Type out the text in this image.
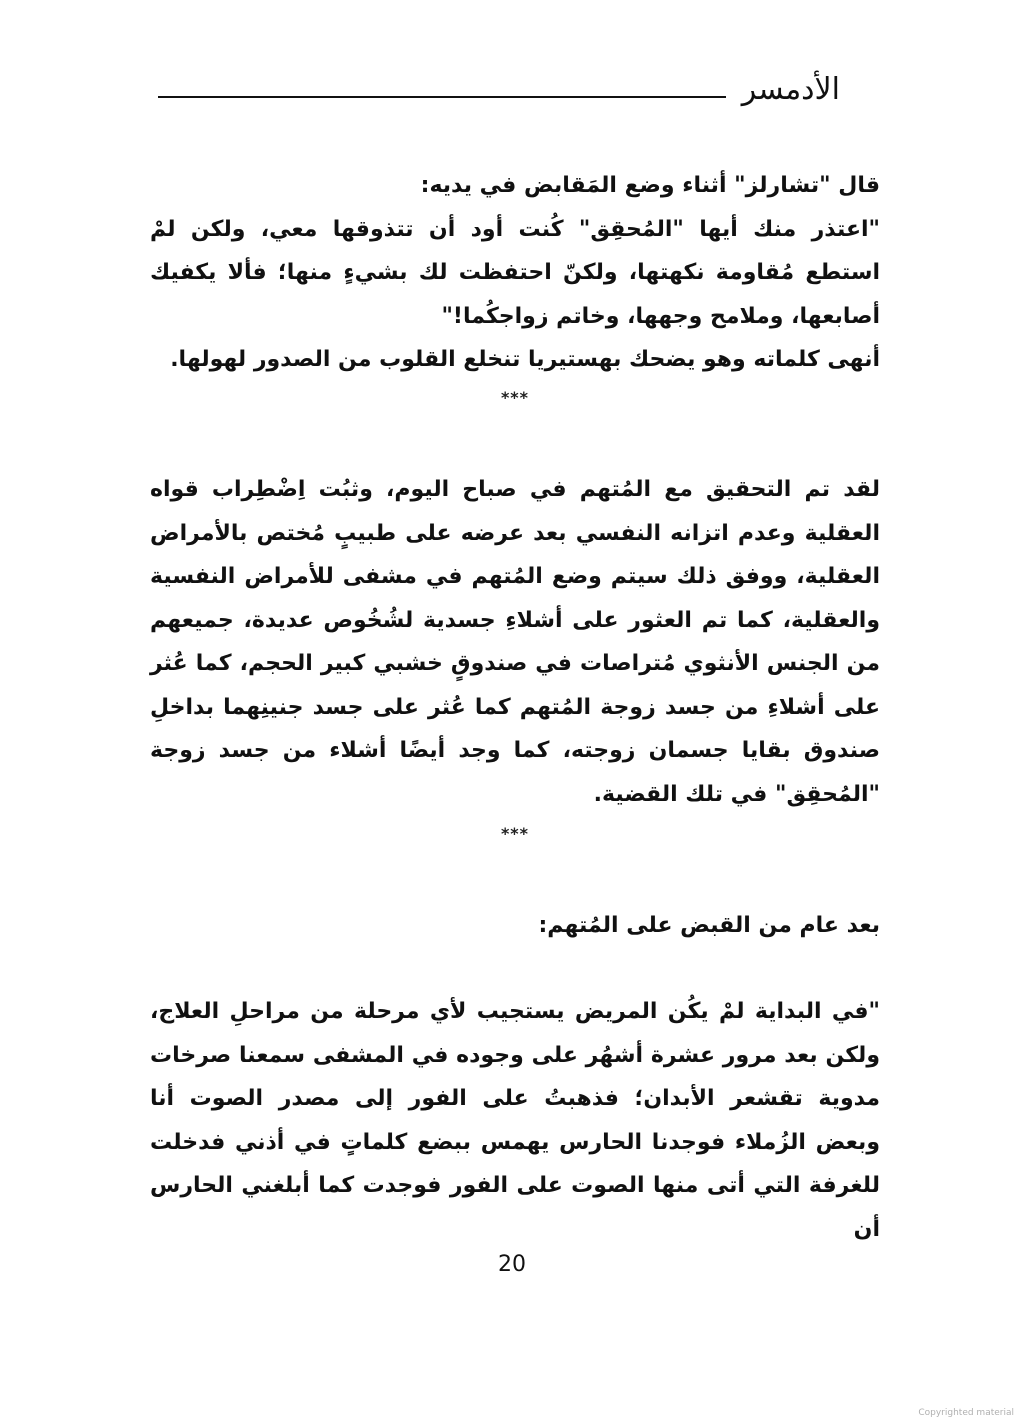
الأدمسر

قال "تشارلز" أثناء وضع المَقابض في يديه:

"اعتذر منك أيها "المُحقِق" كُنت أود أن تتذوقها معي، ولكن لمْ استطع مُقاومة نكهتها، ولكنّ احتفظت لك بشيءٍ منها؛ فألا يكفيك أصابعها، وملامح وجهها، وخاتم زواجكُما!"

أنهى كلماته وهو يضحك بهستيريا تنخلع القلوب من الصدور لهولها.

***

لقد تم التحقيق مع المُتهم في صباح اليوم، وثبُت اِضْطِراب قواه العقلية وعدم اتزانه النفسي بعد عرضه على طبيبٍ مُختص بالأمراض العقلية، ووفق ذلك سيتم وضع المُتهم في مشفى للأمراض النفسية والعقلية، كما تم العثور على أشلاءِ جسدية لشُخُوص عديدة، جميعهم من الجنس الأنثوي مُتراصات في صندوقٍ خشبي كبير الحجم، كما عُثر على أشلاءِ من جسد زوجة المُتهم كما عُثر على جسد جنينِهما بداخلِ صندوق بقايا جسمان زوجته، كما وجد أيضًا أشلاء من جسد زوجة "المُحقِق" في تلك القضية.

***

بعد عام من القبض على المُتهم:

"في البداية لمْ يكُن المريض يستجيب لأي مرحلة من مراحلِ العلاج، ولكن بعد مرور عشرة أشهُر على وجوده في المشفى سمعنا صرخات مدوية تقشعر الأبدان؛ فذهبتُ على الفور إلى مصدر الصوت أنا وبعض الزُملاء فوجدنا الحارس يهمس ببضع كلماتٍ في أذني فدخلت للغرفة التي أتى منها الصوت على الفور فوجدت كما أبلغني الحارس أن

20
Copyrighted material
